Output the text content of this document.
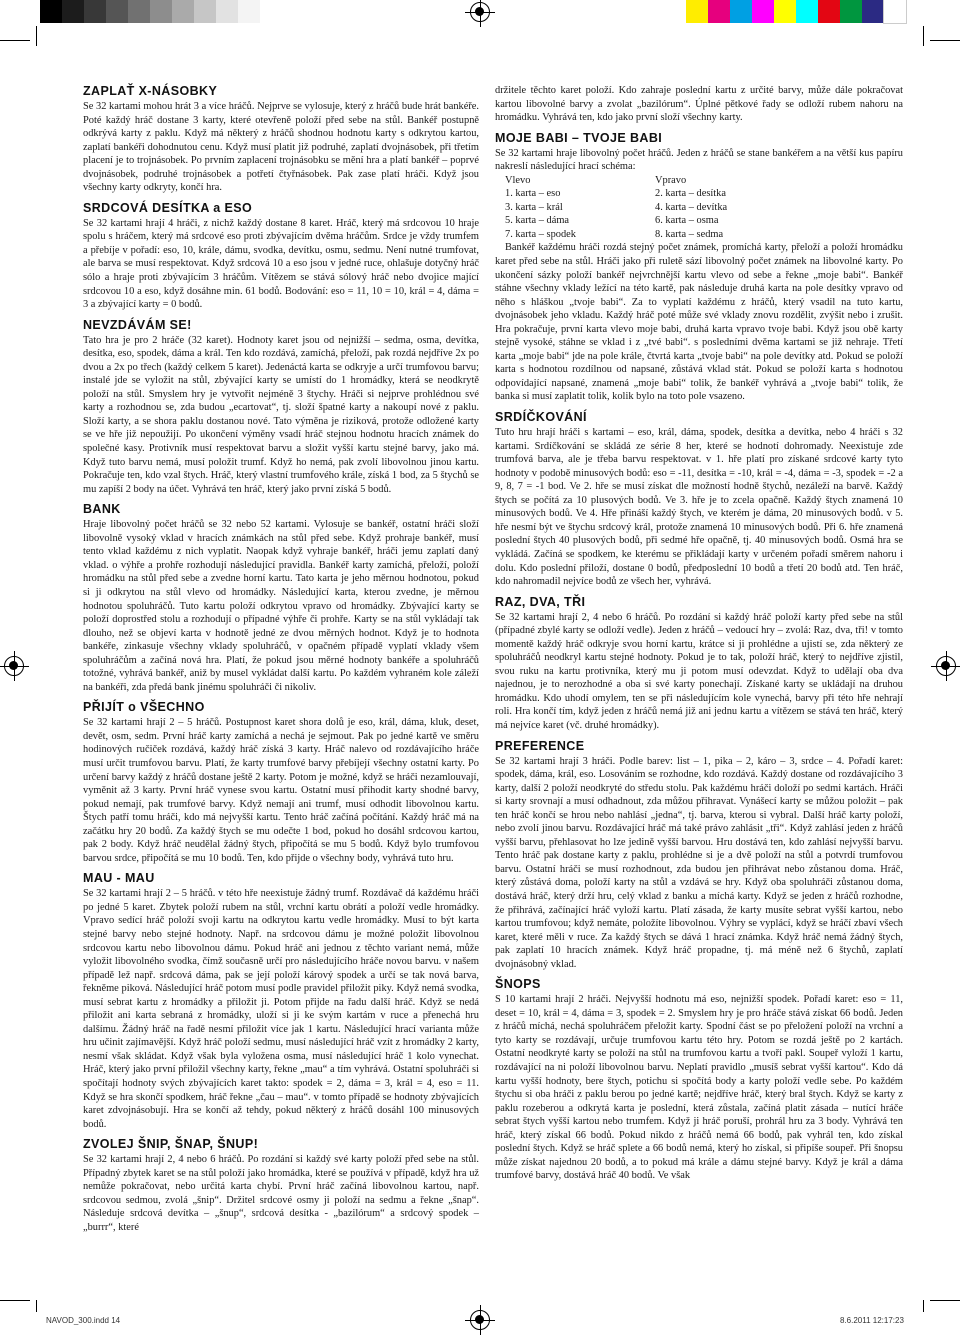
ZAPLAŤ X-NÁSOBKY

Se 32 kartami mohou hrát 3 a více hráčů. Nejprve se vylosuje, který z hráčů bude hrát bankéře. Poté každý hráč dostane 3 karty, které otevřeně položí před sebe na stůl. Bankéř postupně odkrývá karty z paklu. Když má některý z hráčů shodnou hodnotu karty s odkrytou kartou, zaplatí bankéři dohodnutou cenu. Když musí platit již podruhé, zaplatí dvojnásobek, při třetím placení je to trojnásobek. Po prvním zaplacení trojnásobku se mění hra a platí bankéř – poprvé dvojnásobek, podruhé trojnásobek a potřetí čtyřnásobek. Pak zase platí hráči. Když jsou všechny karty odkryty, končí hra.

SRDCOVÁ DESÍTKA a ESO

Se 32 kartami hrají 4 hráči, z nichž každý dostane 8 karet. Hráč, který má srdcovou 10 hraje spolu s hráčem, který má srdcové eso proti zbývajícím dvěma hráčům. Srdce je vždy trumfem a přebíje v pořadí: eso, 10, krále, dámu, svodka, devítku, osmu, sedmu. Není nutné trumfovat, ale barva se musí respektovat. Když srdcová 10 a eso jsou v jedné ruce, ohlašuje dotyčný hráč sólo a hraje proti zbývajícím 3 hráčům. Vítězem se stává sólový hráč nebo dvojice mající srdcovou 10 a eso, když dosáhne min. 61 bodů. Bodování: eso = 11, 10 = 10, král = 4, dáma = 3 a zbývající karty = 0 bodů.

NEVZDÁVÁM SE!

Tato hra je pro 2 hráče (32 karet). Hodnoty karet jsou od nejnižší – sedma, osma, devítka, desítka, eso, spodek, dáma a král. Ten kdo rozdává, zamíchá, přeloží, pak rozdá nejdříve 2x po dvou a 2x po třech (každý celkem 5 karet). Jedenáctá karta se odkryje a určí trumfovou barvu; instalé jde se vyložit na stůl, zbývající karty se umístí do 1 hromádky, která se neodkrytě položí na stůl. Smyslem hry je vytvořit nejméně 3 štychy. Hráči si nejprve prohlédnou své karty a rozhodnou se, zda budou „ecartovat“, tj. složí špatné karty a nakoupí nové z paklu. Složí karty, a se shora paklu dostanou nové. Tato výměna je riziková, protože odložené karty se ve hře již nepoužijí. Po ukončení výměny vsadí hráč stejnou hodnotu hracích známek do společné kasy. Protivník musí respektovat barvu a složit vyšší kartu stejné barvy, jako má. Když tuto barvu nemá, musí položit trumf. Když ho nemá, pak zvolí libovolnou jinou kartu. Pokračuje ten, kdo vzal štych. Hráč, který vlastní trumfového krále, získá 1 bod, za 5 štychů se mu zapíší 2 body na účet. Vyhrává ten hráč, který jako první získá 5 bodů.

BANK

Hraje libovolný počet hráčů se 32 nebo 52 kartami. Vylosuje se bankéř, ostatní hráči složí libovolně vysoký vklad v hracích známkách na stůl před sebe. Když prohraje bankéř, musí tento vklad každému z nich vyplatit. Naopak když vyhraje bankéř, hráči jemu zaplatí daný vklad. o výhře a prohře rozhodují následující pravidla. Bankéř karty zamíchá, přeloží, položí hromádku na stůl před sebe a zvedne horní kartu. Tato karta je jeho měrnou hodnotou, pokud si ji odkrytou na stůl vlevo od hromádky. Následující karta, kterou zvedne, je měrnou hodnotou spoluhráčů. Tuto kartu položí odkrytou vpravo od hromádky. Zbývající karty se položí doprostřed stolu a rozhodují o případné výhře či prohře. Karty se na stůl vykládají tak dlouho, než se objeví karta v hodnotě jedné ze dvou měrných hodnot. Když je to hodnota bankéře, zinkasuje všechny vklady spoluhráčů, v opačném případě vyplatí vklady všem spoluhráčům a začíná nová hra. Platí, že pokud jsou měrné hodnoty bankéře a spoluhráčů totožné, vyhrává bankéř, aniž by musel vykládat další kartu. Po každém vyhraném kole záleží na bankéři, zda předá bank jinému spoluhráči či nikoliv.

PŘIJÍT o VŠECHNO

Se 32 kartami hrají 2 – 5 hráčů. Postupnost karet shora dolů je eso, král, dáma, kluk, deset, devět, osm, sedm. První hráč karty zamíchá a nechá je sejmout. Pak po jedné kartě ve směru hodinových ručiček rozdává, každý hráč získá 3 karty. Hráč nalevo od rozdávajícího hráče musí určit trumfovou barvu. Platí, že karty trumfové barvy přebíjejí všechny ostatní karty. Po určení barvy každý z hráčů dostane ještě 2 karty. Potom je možné, když se hráči nezamlouvají, vyměnit až 3 karty. První hráč vynese svou kartu. Ostatní musí přihodit karty shodné barvy, pokud nemají, pak trumfové barvy. Když nemají ani trumf, musí odhodit libovolnou kartu. Štych patří tomu hráči, kdo má nejvyšší kartu. Tento hráč začíná počítání. Každý hráč má na začátku hry 20 bodů. Za každý štych se mu odečte 1 bod, pokud ho dosáhl srdcovou kartou, pak 2 body. Když hráč neudělal žádný štych, připočítá se mu 5 bodů. Když bylo trumfovou barvou srdce, připočítá se mu 10 bodů. Ten, kdo přijde o všechny body, vyhrává tuto hru.

MAU - MAU

Se 32 kartami hrají 2 – 5 hráčů. v této hře neexistuje žádný trumf. Rozdávač dá každému hráči po jedné 5 karet. Zbytek položí rubem na stůl, vrchní kartu obrátí a položí vedle hromádky. Vpravo sedící hráč položí svoji kartu na odkrytou kartu vedle hromádky. Musí to být karta stejné barvy nebo stejné hodnoty. Např. na srdcovou dámu je možné položit libovolnou srdcovou kartu nebo libovolnou dámu. Pokud hráč ani jednou z těchto variant nemá, může vyložit libovolného svodka, čímž současně určí pro následujícího hráče novou barvu. v našem případě lež např. srdcová dáma, pak se její položí kárový spodek a určí se tak nová barva, řekněme piková. Následující hráč potom musí podle pravidel přiložit piky. Když nemá svodka, musí sebrat kartu z hromádky a přiložit ji. Potom přijde na řadu další hráč. Když se nedá přiložit ani karta sebraná z hromádky, uloží si ji ke svým kartám v ruce a přenechá hru dalšímu. Žádný hráč na řadě nesmí přiložit více jak 1 kartu. Následující hrací varianta může hru učinit zajímavější. Když hráč položí sedmu, musí následující hráč vzít z hromádky 2 karty, nesmí však skládat. Když však byla vyložena osma, musí následující hráč 1 kolo vynechat. Hráč, který jako první přiložil všechny karty, řekne „mau“ a tím vyhrává. Ostatní spoluhráči si spočítají hodnoty svých zbývajících karet takto: spodek = 2, dáma = 3, král = 4, eso = 11. Když se hra skončí spodkem, hráč řekne „čau – mau“. v tomto případě se hodnoty zbývajících karet zdvojnásobují. Hra se končí až tehdy, pokud některý z hráčů dosáhl 100 minusových bodů.

ZVOLEJ ŠNIP, ŠNAP, ŠNUP!

Se 32 kartami hrají 2, 4 nebo 6 hráčů. Po rozdání si každý své karty položí před sebe na stůl. Případný zbytek karet se na stůl položí jako hromádka, které se používá v případě, když hra už nemůže pokračovat, nebo určitá karta chybí. První hráč začíná libovolnou kartou, např. srdcovou sedmou, zvolá „šnip“. Držitel srdcové osmy ji položí na sedmu a řekne „šnap“. Následuje srdcová devítka – „šnup“, srdcová desítka - „bazilórum“ a srdcový spodek – „burrr“, které

držitele těchto karet položí. Kdo zahraje poslední kartu z určité barvy, může dále pokračovat kartou libovolné barvy a zvolat „bazilórum“. Úplné pětkové řady se odloží rubem nahoru na hromádku. Vyhrává ten, kdo jako první složí všechny karty.

MOJE BABI – TVOJE BABI

Se 32 kartami hraje libovolný počet hráčů. Jeden z hráčů se stane bankéřem a na větší kus papíru nakreslí následující hrací schéma:

Vlevo	Vpravo
1. karta – eso	2. karta – desítka
3. karta – král	4. karta – devítka
5. karta – dáma	6. karta – osma
7. karta – spodek	8. karta – sedma

Bankéř každému hráči rozdá stejný počet známek, promíchá karty, přeloží a položí hromádku karet před sebe na stůl. Hráči jako při ruletě sází libovolný počet známek na libovolné karty. Po ukončení sázky položí bankéř nejvrchnější kartu vlevo od sebe a řekne „moje babi“. Bankéř stáhne všechny vklady ležící na této kartě, pak následuje druhá karta na pole desítky vpravo od něho s hláškou „tvoje babi“. Za to vyplatí každému z hráčů, který vsadil na tuto kartu, dvojnásobek jeho vkladu. Každý hráč poté může své vklady znovu rozdělit, zvýšit nebo i zrušit. Hra pokračuje, první karta vlevo moje babi, druhá karta vpravo tvoje babi. Když jsou obě karty stejně vysoké, stáhne se vklad i z „tvé babi“. s posledními dvěma kartami se již nehraje. Třetí karta „moje babi“ jde na pole krále, čtvrtá karta „tvoje babi“ na pole devítky atd. Pokud se položí karta s hodnotou rozdílnou od napsané, zůstává vklad stát. Pokud se položí karta s hodnotou odpovídající napsané, znamená „moje babi“ tolik, že bankéř vyhrává a „tvoje babi“ tolik, že banka si musí zaplatit tolik, kolik bylo na toto pole vsazeno.

SRDÍČKOVÁNÍ

Tuto hru hrají hráči s kartami – eso, král, dáma, spodek, desítka a devítka, nebo 4 hráči s 32 kartami. Srdíčkování se skládá ze série 8 her, které se hodnotí dohromady. Neexistuje zde trumfová barva, ale je třeba barvu respektovat. v 1. hře platí pro získané srdcové karty tyto hodnoty v podobě minusových bodů: eso = -11, desítka = -10, král = -4, dáma = -3, spodek = -2 a 9, 8, 7 = -1 bod. Ve 2. hře se musí získat dle možností hodně štychů, nezáleží na barvě. Každý štych se počítá za 10 plusových bodů. Ve 3. hře je to zcela opačně. Každý štych znamená 10 minusových bodů. Ve 4. Hře přináší každý štych, ve kterém je dáma, 20 minusových bodů. v 5. hře nesmí být ve štychu srdcový král, protože znamená 10 minusových bodů. Při 6. hře znamená poslední štych 40 plusových bodů, při sedmé hře opačně, tj. 40 minusových bodů. Osmá hra se vykládá. Začíná se spodkem, ke kterému se přikládají karty v určeném pořadí směrem nahoru i dolu. Kdo poslední přiloží, dostane 0 bodů, předposlední 10 bodů a třetí 20 bodů atd. Ten hráč, kdo nahromadil nejvíce bodů ze všech her, vyhrává.

RAZ, DVA, TŘI

Se 32 kartami hrají 2, 4 nebo 6 hráčů. Po rozdání si každý hráč položí karty před sebe na stůl (případné zbylé karty se odloží vedle). Jeden z hráčů – vedoucí hry – zvolá: Raz, dva, tři! v tomto momentě každý hráč odkryje svou horní kartu, krátce si ji prohlédne a ujistí se, zda některý ze spoluhráčů neodkryl kartu stejné hodnoty. Pokud je to tak, položí hráč, který to nejdříve zjistil, svou ruku na kartu protivníka, který mu ji potom musí odevzdat. Když to udělají oba dva najednou, je to nerozhodné a oba si své karty ponechají. Získané karty se ukládají na druhou hromádku. Kdo uhodí omylem, ten se při následujícím kole vynechá, barvy při této hře nehrají roli. Hra končí tím, když jeden z hráčů nemá již ani jednu kartu a vítězem se stává ten hráč, který má nejvíce karet (vč. druhé hromádky).

PREFERENCE

Se 32 kartami hrají 3 hráči. Podle barev: list – 1, pika – 2, káro – 3, srdce – 4. Pořadí karet: spodek, dáma, král, eso. Losováním se rozhodne, kdo rozdává. Každý dostane od rozdávajícího 3 karty, další 2 položí neodkryté do středu stolu. Pak každému hráči doloží po sedmi kartách. Hráči si karty srovnají a musí odhadnout, zda můžou přihravat. Vynášecí karty se můžou položit – pak ten hráč končí se hrou nebo nahlásí „jedna“, tj. barva, kterou si vybral. Další hráč karty položí, nebo zvolí jinou barvu. Rozdávající hráč má také právo zahlásit „tři“. Když zahlásí jeden z hráčů vyšší barvu, přehlasovat ho lze jedině vyšší barvou. Hru dostává ten, kdo zahlásí nejvyšší barvu. Tento hráč pak dostane karty z paklu, prohlédne si je a dvě položí na stůl a potvrdí trumfovou barvu. Ostatní hráči se musí rozhodnout, zda budou jen přihrávat nebo zůstanou doma. Hráč, který zůstává doma, položí karty na stůl a vzdává se hry. Když oba spoluhráči zůstanou doma, dostává hráč, který drží hru, celý vklad z banku a míchá karty. Když se jeden z hráčů rozhodne, že přihrává, začínající hráč vyloží kartu. Platí zásada, že karty musíte sebrat vyšší kartou, nebo kartou trumfovou; když nemáte, položíte libovolnou. Výhry se vyplácí, když se hráčí zbaví všech karet, které měli v ruce. Za každý štych se dává 1 hrací známka. Když hráč nemá žádný štych, pak zaplatí 10 hracích známek. Když hráč propadne, tj. má méně než 6 štychů, zaplatí dvojnásobný vklad.

ŠNOPS

S 10 kartami hrají 2 hráči. Nejvyšší hodnotu má eso, nejnižší spodek. Pořadí karet: eso = 11, deset = 10, král = 4, dáma = 3, spodek = 2. Smyslem hry je pro hráče stává získat 66 bodů. Jeden z hráčů míchá, nechá spoluhráčem přeložit karty. Spodní část se po přeložení položí na vrchní a tyto karty se rozdávají, určuje trumfovou kartu této hry. Potom se rozdá ještě po 2 kartách. Ostatní neodkryté karty se položí na stůl na trumfovou kartu a tvoří pakl. Soupeř vyloží 1 kartu, rozdávající na ni položí libovolnou barvu. Neplatí pravidlo „musíš sebrat vyšší kartou“. Kdo dá kartu vyšší hodnoty, bere štych, potichu si spočítá body a karty položí vedle sebe. Po každém štychu si oba hráči z paklu berou po jedné kartě; nejdříve hráč, který bral štych. Když se karty z paklu rozeberou a odkrytá karta je poslední, která zůstala, začíná platit zásada – nutící hráče sebrat štych vyšší kartou nebo trumfem. Když ji hráč poruší, prohrál hru za 3 body. Vyhrává ten hráč, který získal 66 bodů. Pokud nikdo z hráčů nemá 66 bodů, pak vyhrál ten, kdo získal poslední štych. Když se hráč splete a 66 bodů nemá, který ho získal, si připíše soupeř. Při šnopsu může získat najednou 20 bodů, a to pokud má krále a dámu stejné barvy. Když je král a dáma trumfové barvy, dostává hráč 40 bodů. Ve však

NAVOD_300.indd 14	8.6.2011 12:17:23
